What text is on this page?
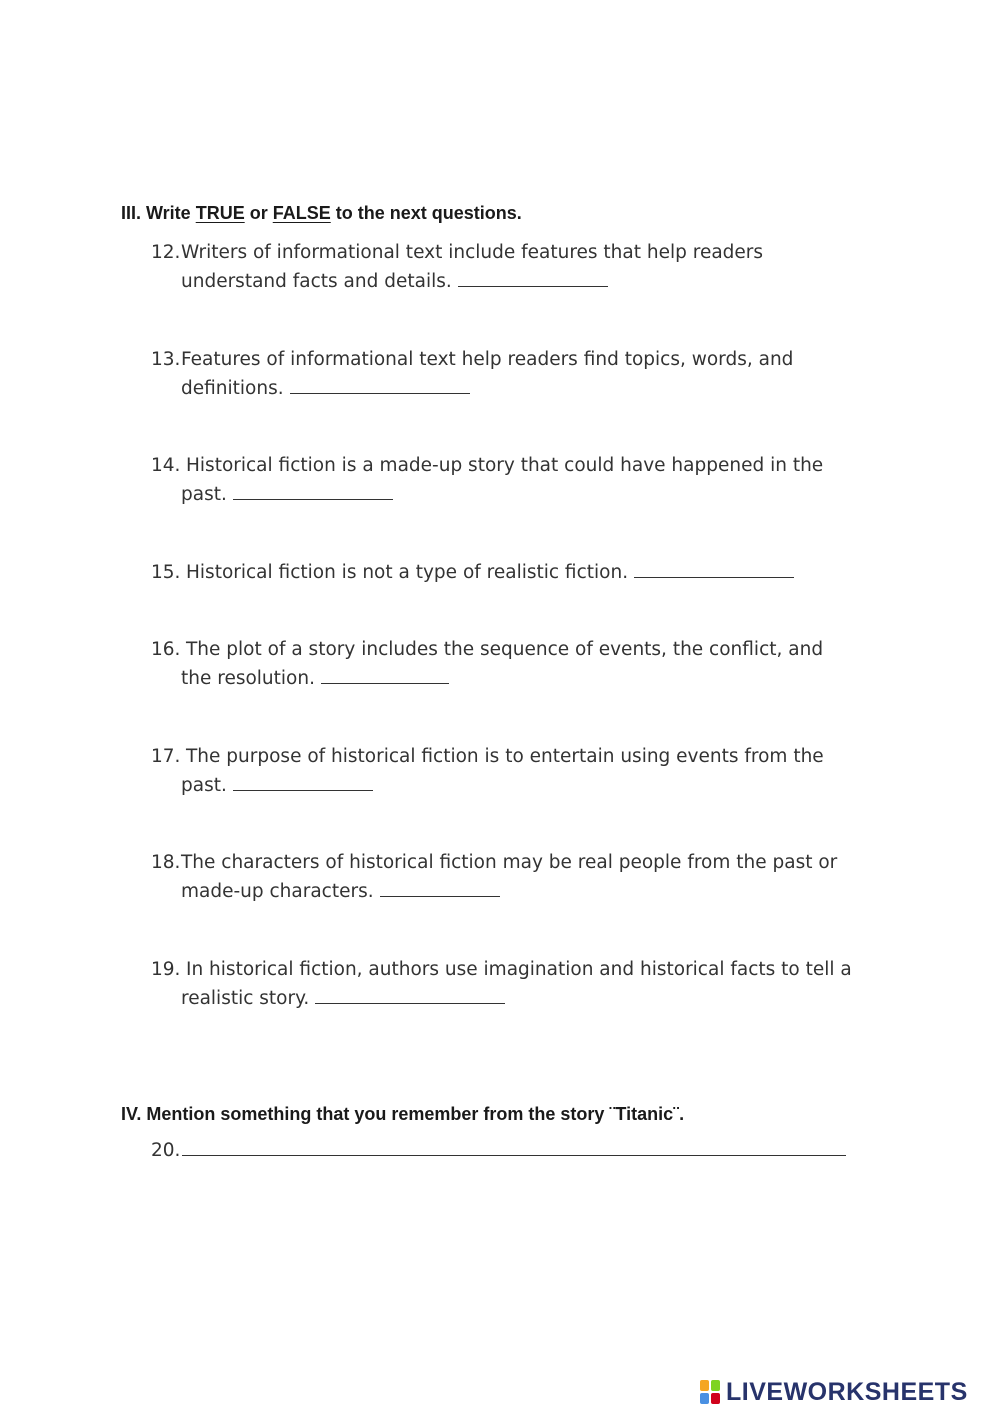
III. Write TRUE or FALSE to the next questions.
12. Writers of informational text include features that help readers
understand facts and details.
13. Features of informational text help readers find topics, words, and
definitions.
14. Historical fiction is a made-up story that could have happened in the
past.
15. Historical fiction is not a type of realistic fiction.
16. The plot of a story includes the sequence of events, the conflict, and
the resolution.
17. The purpose of historical fiction is to entertain using events from the
past.
18. The characters of historical fiction may be real people from the past or
made-up characters.
19. In historical fiction, authors use imagination and historical facts to tell a
realistic story.
IV. Mention something that you remember from the story ¨Titanic¨.
20.
LIVEWORKSHEETS
